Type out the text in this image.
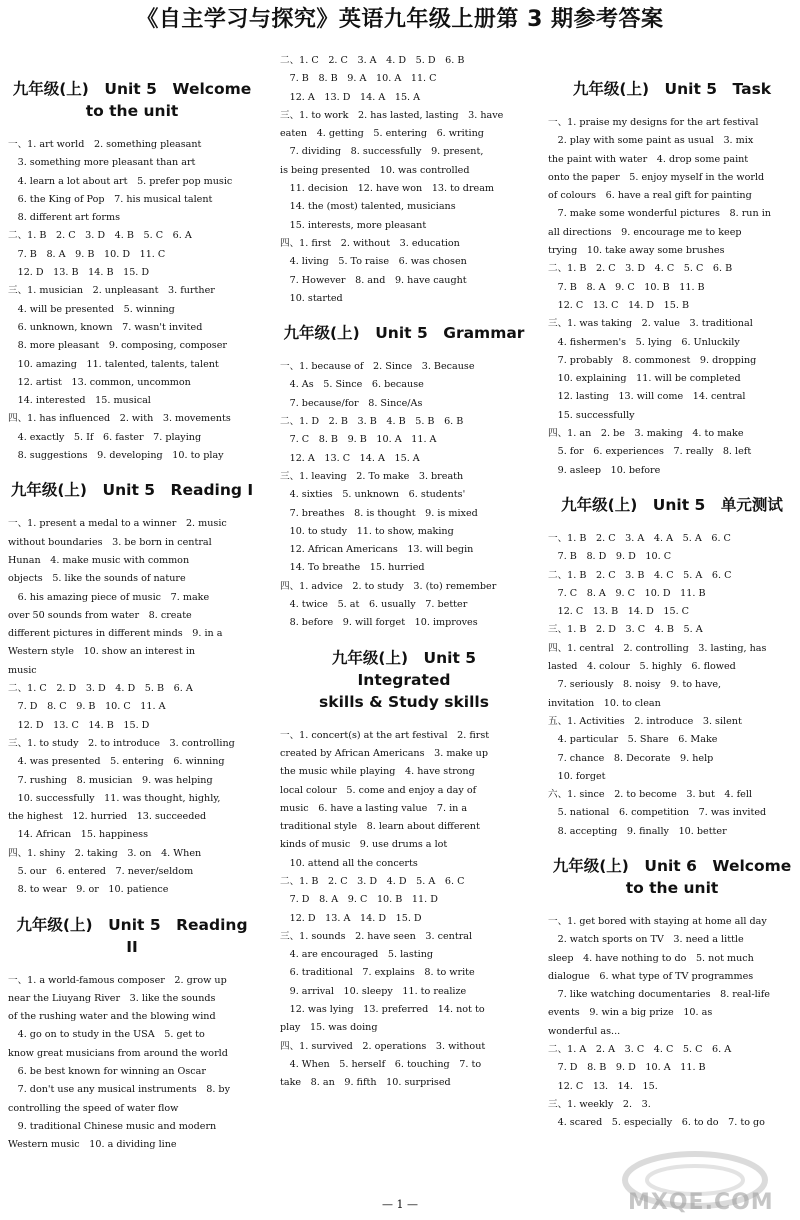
《自主学习与探究》英语九年级上册第 3 期参考答案
九年级(上)　Unit 5　Welcome
to the unit
一、1. art world　2. something pleasant
　3. something more pleasant than art
　4. learn a lot about art　5. prefer pop music
　6. the King of Pop　7. his musical talent
　8. different art forms
二、1. B　2. C　3. D　4. B　5. C　6. A
　7. B　8. A　9. B　10. D　11. C
　12. D　13. B　14. B　15. D
三、1. musician　2. unpleasant　3. further
　4. will be presented　5. winning
　6. unknown, known　7. wasn't invited
　8. more pleasant　9. composing, composer
　10. amazing　11. talented, talents, talent
　12. artist　13. common, uncommon
　14. interested　15. musical
四、1. has influenced　2. with　3. movements
　4. exactly　5. If　6. faster　7. playing
　8. suggestions　9. developing　10. to play
九年级(上)　Unit 5　Reading I
一、1. present a medal to a winner　2. music
without boundaries　3. be born in central
Hunan　4. make music with common
objects　5. like the sounds of nature
　6. his amazing piece of music　7. make
over 50 sounds from water　8. create
different pictures in different minds　9. in a
Western style　10. show an interest in
music
二、1. C　2. D　3. D　4. D　5. B　6. A
　7. D　8. C　9. B　10. C　11. A
　12. D　13. C　14. B　15. D
三、1. to study　2. to introduce　3. controlling
　4. was presented　5. entering　6. winning
　7. rushing　8. musician　9. was helping
　10. successfully　11. was thought, highly,
the highest　12. hurried　13. succeeded
　14. African　15. happiness
四、1. shiny　2. taking　3. on　4. When
　5. our　6. entered　7. never/seldom
　8. to wear　9. or　10. patience
九年级(上)　Unit 5　Reading II
一、1. a world-famous composer　2. grow up
near the Liuyang River　3. like the sounds
of the rushing water and the blowing wind
　4. go on to study in the USA　5. get to
know great musicians from around the world
　6. be best known for winning an Oscar
　7. don't use any musical instruments　8. by
controlling the speed of water flow
　9. traditional Chinese music and modern
Western music　10. a dividing line
二、1. C　2. C　3. A　4. D　5. D　6. B
　7. B　8. B　9. A　10. A　11. C
　12. A　13. D　14. A　15. A
三、1. to work　2. has lasted, lasting　3. have
eaten　4. getting　5. entering　6. writing
　7. dividing　8. successfully　9. present,
is being presented　10. was controlled
　11. decision　12. have won　13. to dream
　14. the (most) talented, musicians
　15. interests, more pleasant
四、1. first　2. without　3. education
　4. living　5. To raise　6. was chosen
　7. However　8. and　9. have caught
　10. started
九年级(上)　Unit 5　Grammar
一、1. because of　2. Since　3. Because
　4. As　5. Since　6. because
　7. because/for　8. Since/As
二、1. D　2. B　3. B　4. B　5. B　6. B
　7. C　8. B　9. B　10. A　11. A
　12. A　13. C　14. A　15. A
三、1. leaving　2. To make　3. breath
　4. sixties　5. unknown　6. students'
　7. breathes　8. is thought　9. is mixed
　10. to study　11. to show, making
　12. African Americans　13. will begin
　14. To breathe　15. hurried
四、1. advice　2. to study　3. (to) remember
　4. twice　5. at　6. usually　7. better
　8. before　9. will forget　10. improves
九年级(上)　Unit 5　Integrated
skills & Study skills
一、1. concert(s) at the art festival　2. first
created by African Americans　3. make up
the music while playing　4. have strong
local colour　5. come and enjoy a day of
music　6. have a lasting value　7. in a
traditional style　8. learn about different
kinds of music　9. use drums a lot
　10. attend all the concerts
二、1. B　2. C　3. D　4. D　5. A　6. C
　7. D　8. A　9. C　10. B　11. D
　12. D　13. A　14. D　15. D
三、1. sounds　2. have seen　3. central
　4. are encouraged　5. lasting
　6. traditional　7. explains　8. to write
　9. arrival　10. sleepy　11. to realize
　12. was lying　13. preferred　14. not to
play　15. was doing
四、1. survived　2. operations　3. without
　4. When　5. herself　6. touching　7. to
take　8. an　9. fifth　10. surprised
九年级(上)　Unit 5　Task
一、1. praise my designs for the art festival
　2. play with some paint as usual　3. mix
the paint with water　4. drop some paint
onto the paper　5. enjoy myself in the world
of colours　6. have a real gift for painting
　7. make some wonderful pictures　8. run in
all directions　9. encourage me to keep
trying　10. take away some brushes
二、1. B　2. C　3. D　4. C　5. C　6. B
　7. B　8. A　9. C　10. B　11. B
　12. C　13. C　14. D　15. B
三、1. was taking　2. value　3. traditional
　4. fishermen's　5. lying　6. Unluckily
　7. probably　8. commonest　9. dropping
　10. explaining　11. will be completed
　12. lasting　13. will come　14. central
　15. successfully
四、1. an　2. be　3. making　4. to make
　5. for　6. experiences　7. really　8. left
　9. asleep　10. before
九年级(上)　Unit 5　单元测试
一、1. B　2. C　3. A　4. A　5. A　6. C
　7. B　8. D　9. D　10. C
二、1. B　2. C　3. B　4. C　5. A　6. C
　7. C　8. A　9. C　10. D　11. B
　12. C　13. B　14. D　15. C
三、1. B　2. D　3. C　4. B　5. A
四、1. central　2. controlling　3. lasting, has
lasted　4. colour　5. highly　6. flowed
　7. seriously　8. noisy　9. to have,
invitation　10. to clean
五、1. Activities　2. introduce　3. silent
　4. particular　5. Share　6. Make
　7. chance　8. Decorate　9. help
　10. forget
六、1. since　2. to become　3. but　4. fell
　5. national　6. competition　7. was invited
　8. accepting　9. finally　10. better
九年级(上)　Unit 6　Welcome
to the unit
一、1. get bored with staying at home all day
　2. watch sports on TV　3. need a little
sleep　4. have nothing to do　5. not much
dialogue　6. what type of TV programmes
　7. like watching documentaries　8. real-life
events　9. win a big prize　10. as
wonderful as...
二、1. A　2. A　3. C　4. C　5. C　6. A
　7. D　8. B　9. D　10. A　11. B
　12. C　13.　14.　15.
三、1. weekly　2.　3.
　4. scared　5. especially　6. to do　7. to go
MXQE.COM
— 1 —
